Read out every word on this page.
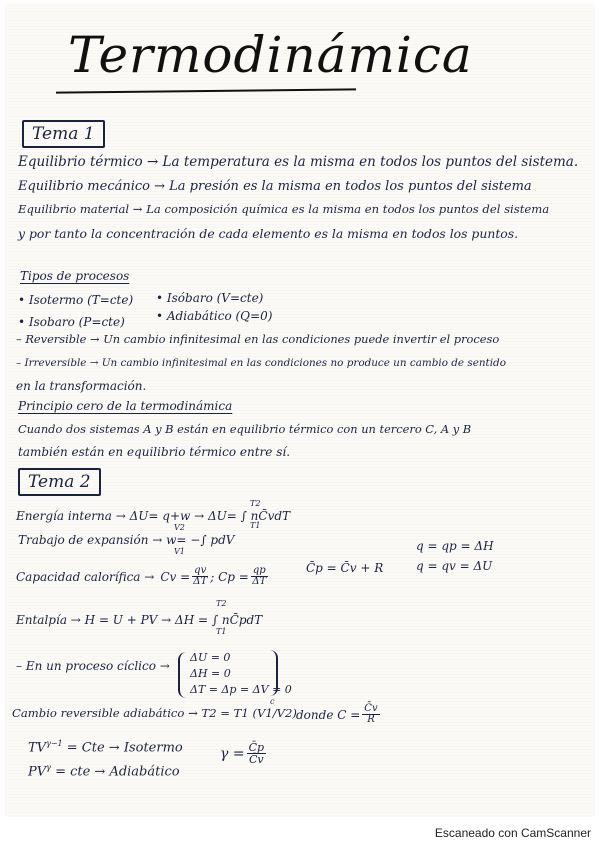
Termodinámica
Tema 1
Equilibrio térmico → La temperatura es la misma en todos los puntos del sistema.
Equilibrio mecánico → La presión es la misma en todos los puntos del sistema
Equilibrio material → La composición química es la misma en todos los puntos del sistema
y por tanto la concentración de cada elemento es la misma en todos los puntos.
Tipos de procesos
• Isotermo (T=cte) • Isóbaro (V=cte)
• Isobaro (P=cte)	• Adiabático (Q=0)
– Reversible → Un cambio infinitesimal en las condiciones puede invertir el proceso
– Irreversible → Un cambio infinitesimal en las condiciones no produce un cambio de sentido
en la transformación.
Principio cero de la termodinámica
Cuando dos sistemas A y B están en equilibrio térmico con un tercero C, A y B
también están en equilibrio térmico entre sí.
Tema 2
Energía interna → ΔU= q+w → ΔU= ∫ nC̄vdT
T2
T1
Trabajo de expansión → w= −∫ pdV
V2
V1
Capacidad calorífica → $Cv = \frac{qv}{\Delta T}$ ; $Cp = \frac{qp}{\Delta T}$	C̄p = C̄v + R
q = qp = ΔH
q = qv = ΔU
Entalpía → H = U + PV → ΔH = ∫ nC̄pdT
T2
T1
– En un proceso cíclico →
ΔU = 0
ΔH = 0
ΔT = Δp = ΔV = 0
Cambio reversible adiabático → T2 = T1 (V1/V2)
c
donde $C = \frac{C̄v}{R}$
$TV^{\gamma-1}$ = Cte → Isotermo
$PV^\gamma$ = cte → Adiabático
$\gamma = \frac{C̄p}{C̄v}$
Escaneado con CamScanner
